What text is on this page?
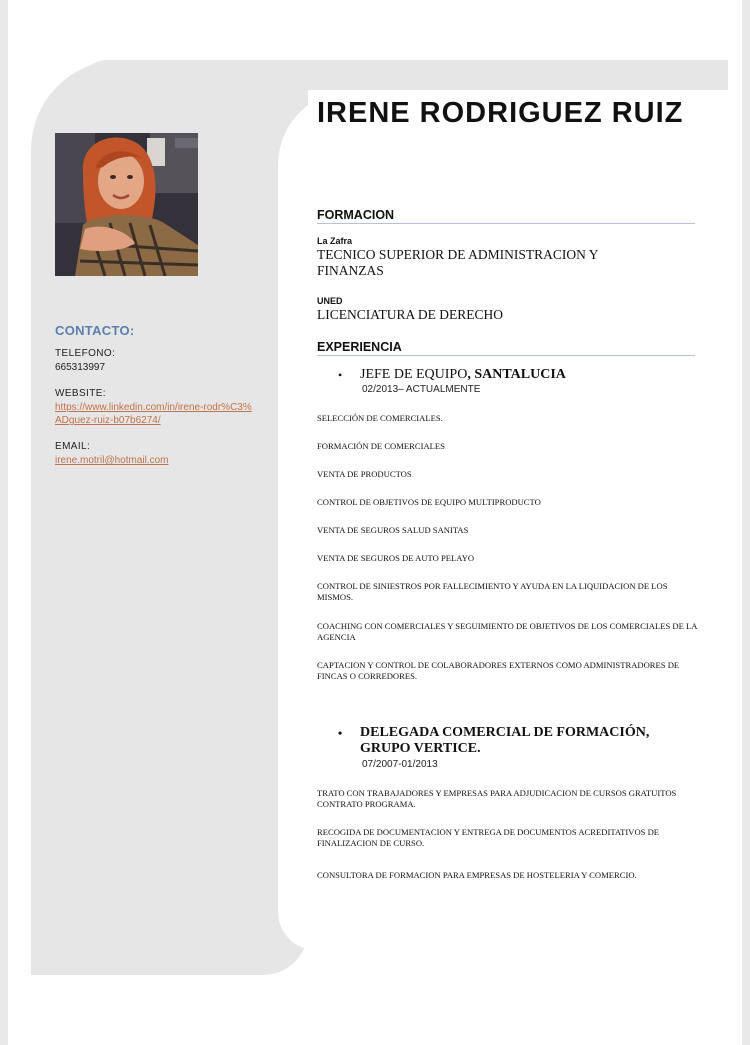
CONTACTO:
TELEFONO:
665313997
WEBSITE:
https://www.linkedin.com/in/irene-rodr%C3%ADguez-ruiz-b07b6274/
EMAIL:
irene.motril@hotmail.com
IRENE RODRIGUEZ RUIZ
FORMACION
La Zafra
TECNICO SUPERIOR DE ADMINISTRACION Y FINANZAS
UNED
LICENCIATURA DE DERECHO
EXPERIENCIA
•	JEFE DE EQUIPO, SANTALUCIA
02/2013– ACTUALMENTE
SELECCIÓN DE COMERCIALES.
FORMACIÓN DE COMERCIALES
VENTA DE PRODUCTOS
CONTROL DE OBJETIVOS DE EQUIPO MULTIPRODUCTO
VENTA DE SEGUROS SALUD SANITAS
VENTA DE SEGUROS DE AUTO PELAYO
CONTROL DE SINIESTROS POR FALLECIMIENTO Y AYUDA EN LA LIQUIDACION DE LOS MISMOS.
COACHING CON COMERCIALES Y SEGUIMIENTO DE OBJETIVOS DE LOS COMERCIALES DE LA AGENCIA
CAPTACION Y CONTROL DE COLABORADORES EXTERNOS COMO ADMINISTRADORES DE FINCAS O CORREDORES.
•	DELEGADA COMERCIAL DE FORMACIÓN, GRUPO VERTICE.
07/2007-01/2013
TRATO CON TRABAJADORES Y EMPRESAS PARA ADJUDICACION DE CURSOS GRATUITOS CONTRATO PROGRAMA.
RECOGIDA DE DOCUMENTACION Y ENTREGA DE DOCUMENTOS ACREDITATIVOS DE FINALIZACION DE CURSO.
CONSULTORA DE FORMACION PARA EMPRESAS DE HOSTELERIA Y COMERCIO.
